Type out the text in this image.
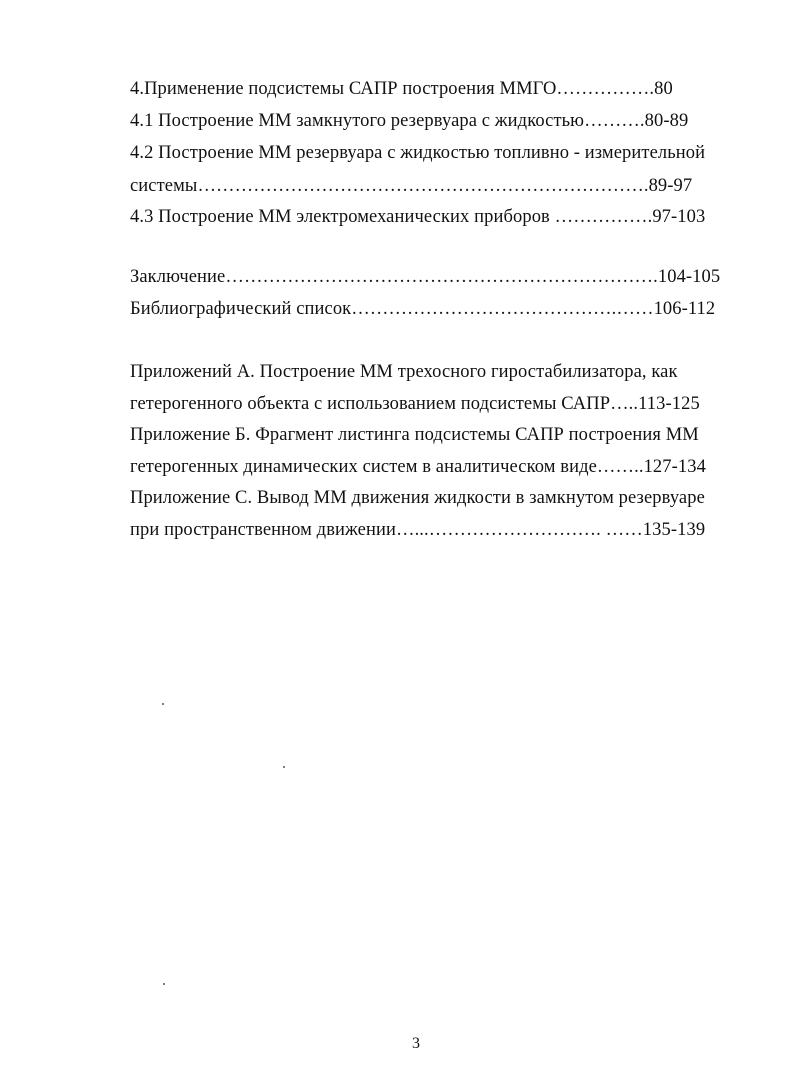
4.Применение подсистемы САПР построения ММГО…………….80
4.1 Построение ММ замкнутого резервуара с жидкостью……….80-89
4.2 Построение ММ резервуара с жидкостью топливно - измерительной
системы……………………………………………………………….89-97
4.3 Построение ММ электромеханических приборов …………….97-103
Заключение…………………………………………………………….104-105
Библиографический список…………………………………….……106-112
Приложений А. Построение ММ трехосного гиростабилизатора, как
гетерогенного объекта с использованием подсистемы САПР…..113-125
Приложение Б. Фрагмент листинга подсистемы САПР построения ММ
гетерогенных динамических систем в аналитическом виде……..127-134
Приложение С. Вывод ММ движения жидкости в замкнутом резервуаре
при пространственном движении…...………………………. ……135-139
3
